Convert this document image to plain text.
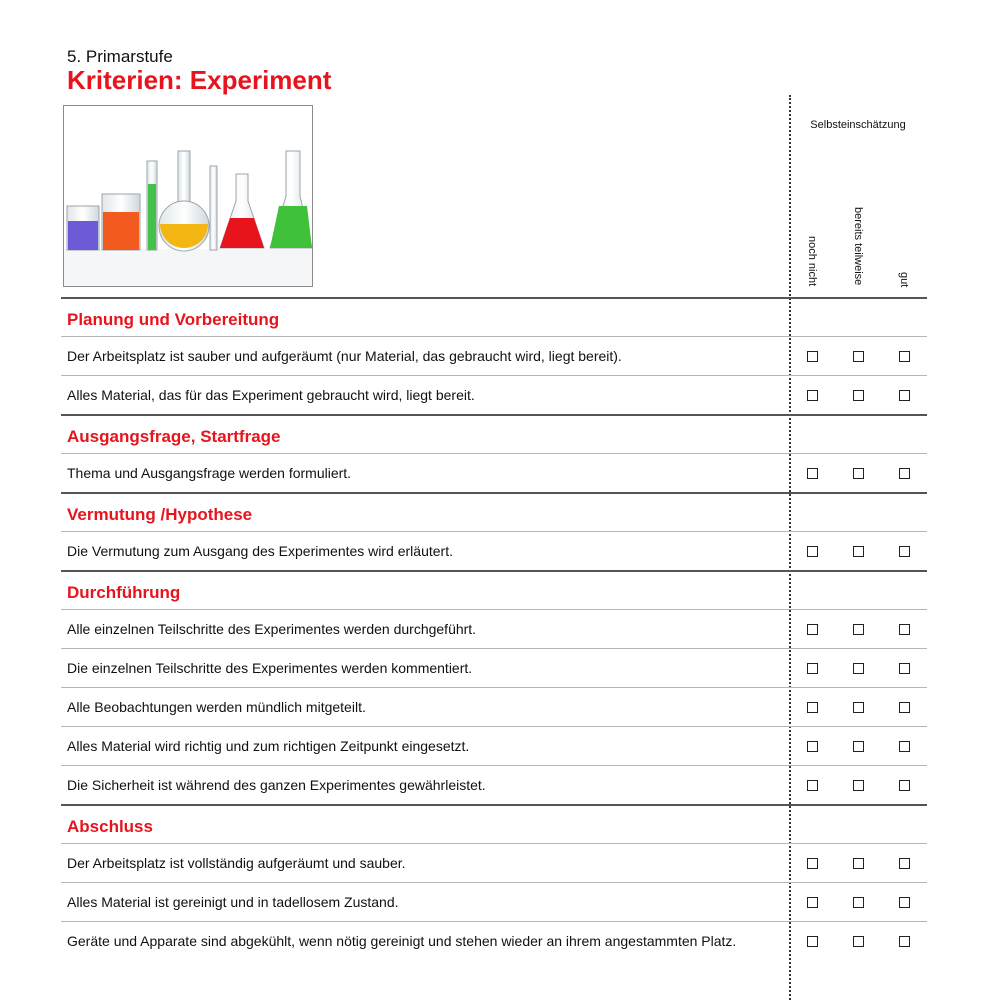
5. Primarstufe
Kriterien: Experiment
Selbsteinschätzung
noch nicht	bereits teilweise	gut
Planung und Vorbereitung
Der Arbeitsplatz ist sauber und aufgeräumt (nur Material, das gebraucht wird, liegt bereit).
Alles Material, das für das Experiment gebraucht wird, liegt bereit.
Ausgangsfrage, Startfrage
Thema und Ausgangsfrage werden formuliert.
Vermutung /Hypothese
Die Vermutung zum Ausgang des Experimentes wird erläutert.
Durchführung
Alle einzelnen Teilschritte des Experimentes werden durchgeführt.
Die einzelnen Teilschritte des Experimentes werden kommentiert.
Alle Beobachtungen werden mündlich mitgeteilt.
Alles Material wird richtig und zum richtigen Zeitpunkt eingesetzt.
Die Sicherheit ist während des ganzen Experimentes gewährleistet.
Abschluss
Der Arbeitsplatz ist vollständig aufgeräumt und sauber.
Alles Material ist gereinigt und in tadellosem Zustand.
Geräte und Apparate sind abgekühlt, wenn nötig gereinigt und stehen wieder an ihrem angestammten Platz.
